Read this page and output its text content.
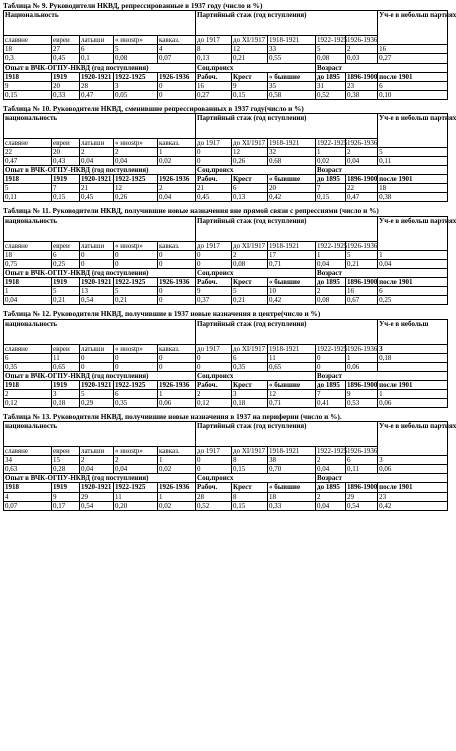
Таблица № 9. Руководители НКВД, репрессированные в 1937 году (число и %)

Национальность					Партийный стаж (год вступления)					Уч-е в небольш партиях
славяне	евреи	латыши	« инostр»	кавказ.	до 1917	до XI/1917	1918-1921	1922-1925	1926-1936	
18	27	6	5	4	8	12	33	5	2	16
0,3	0,45	0,1	0,08	0,07	0,13	0,21	0,55	0,08	0,03	0,27
Опыт в ВЧК-ОГПУ-НКВД (год поступления)					Соц.происх			Возраст		
1918	1919	1920-1921	1922-1925	1926-1936	Рабоч.	Крест	« бывшие	до 1895	1896-1900	после 1901
9	20	28	3	0	16	9	35	31	23	6
0,15	0,33	0,47	0,05	0	0,27	0,15	0,58	0,52	0,38	0,10

Таблица № 10. Руководители НКВД, сменившие репрессированных в 1937 году(число и %)

национальность					Партийный стаж (год вступления)					Уч-е в небольш партиях
славяне	евреи	латыши	« инostр»	кавказ.	до 1917	до XI/1917	1918-1921	1922-1925	1926-1936	
22	20	2	2	1	0	12	32	1	2	5
0,47	0,43	0,04	0,04	0,02	0	0,26	0,68	0,02	0,04	0,11
Опыт в ВЧК-ОГПУ-НКВД (год поступления)					Соц.происх			Возраст		
1918	1919	1920-1921	1922-1925	1926-1936	Рабоч.	Крест	« бывшие	до 1895	1896-1900	после 1901
5	7	21	12	2	21	6	20	7	22	18
0,11	0,15	0,45	0,26	0,04	0,45	0,13	0,42	0,15	0,47	0,38

Таблица № 11. Руководители НКВД, получившие новые назначения вне прямой связи с репрессиями (число и %)

национальность					Партийный стаж (год вступления)					Уч-е в небольш партиях
славяне	евреи	латыши	« инostр»	кавказ.	до 1917	до XI/1917	1918-1921	1922-1925	1926-1936	
18	6	0	0	0	0	2	17	1	5	1
0,75	0,25	0	0	0	0	0,08	0,71	0,04	0,21	0,04
Опыт в ВЧК-ОГПУ-НКВД (год поступления)					Соц.происх			Возраст		
1918	1919	1920-1921	1922-1925	1926-1936	Рабоч.	Крест	« бывшие	до 1895	1896-1900	после 1901
1	5	13	5	0	9	5	10	2	16	6
0,04	0,21	0,54	0,21	0	0,37	0,21	0,42	0,08	0,67	0,25

Таблица № 12. Руководители НКВД, получившие в 1937 новые назначения в центре(число и %)

национальность					Партийный стаж (год вступления)					Уч-е в небольш
славяне	евреи	латыши	« инostр»	кавказ.	до 1917	до XI/1917	1918-1921	1922-1925	1926-1936	3
6	11	0	0	0	0	6	11	0	1	0,18
0,35	0,65	0	0	0	0	0,35	0,65	0	0,06	
Опыт в ВЧК-ОГПУ-НКВД (год поступления)					Соц.происх			Возраст		
1918	1919	1920-1921	1922-1925	1926-1936	Рабоч.	Крест	« бывшие	до 1895	1896-1900	после 1901
2	3	5	6	1	2	3	12	7	9	1
0,12	0,18	0,29	0,35	0,06	0,12	0,18	0,71	0,41	0,53	0,06

Таблица № 13. Руководители НКВД, получившие новые назначения в 1937 на периферии (число и %).

национальность					Партийный стаж (год вступления)					Уч-е в небольш партиях
славяне	евреи	латыши	« инostр»	кавказ.	до 1917	до XI/1917	1918-1921	1922-1925	1926-1936	
34	15	2	2	1	0	8	38	2	6	3
0,63	0,28	0,04	0,04	0,02	0	0,15	0,70	0,04	0,11	0,06
Опыт в ВЧК-ОГПУ-НКВД (год поступления)					Соц.происх			Возраст		
1918	1919	1920-1921	1922-1925	1926-1936	Рабоч.	Крест	« бывшие	до 1895	1896-1900	после 1901
4	9	29	11	1	28	8	18	2	29	23
0,07	0,17	0,54	0,20	0,02	0,52	0,15	0,33	0,04	0,54	0,42
